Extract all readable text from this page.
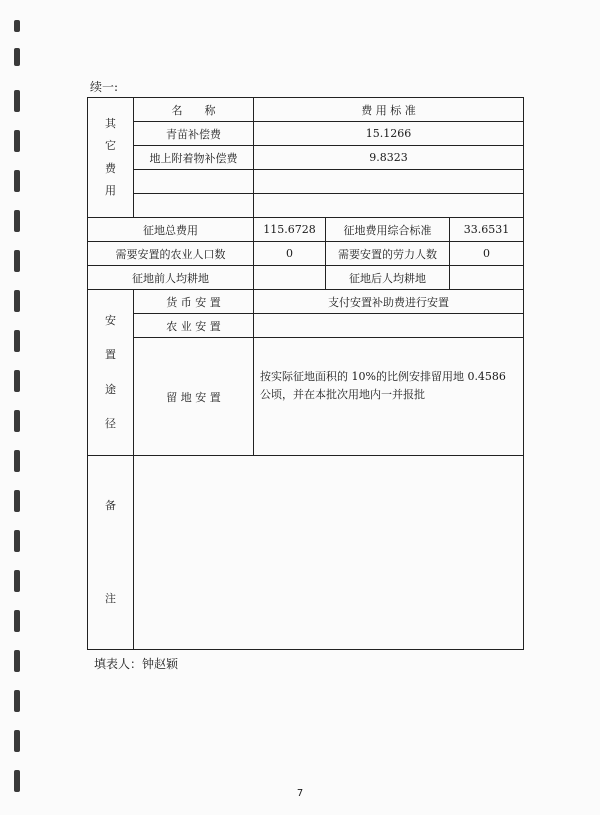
续一:
其
它
费
用	名　　称	费 用 标 准		
	青苗补偿费	15.1266		
	地上附着物补偿费	9.8323		

征地总费用		115.6728	征地费用综合标准	33.6531
需要安置的农业人口数		0	需要安置的劳力人数	0
征地前人均耕地			征地后人均耕地	

安
置
途
径	货 币 安 置	支付安置补助费进行安置		
	农 业 安 置			
	留 地 安 置	按实际征地面积的 10%的比例安排留用地 0.4586 公顷，并在本批次用地内一并报批		

备
注				

填表人：钟赵颖
7
